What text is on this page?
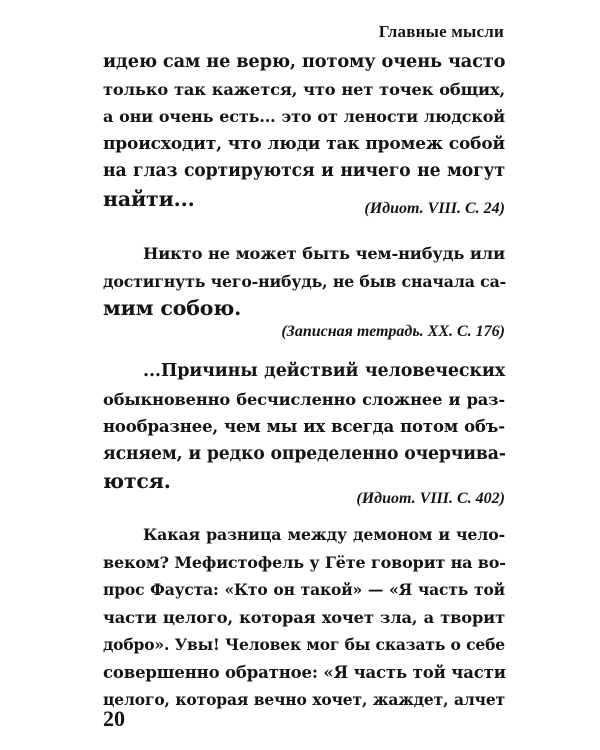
Главные мысли
идею сам не верю, потому очень часто
только так кажется, что нет точек общих,
а они очень есть... это от лености людской
происходит, что люди так промеж собой
на глаз сортируются и ничего не могут
найти...	(Идиот. VIII. С. 24)
Никто не может быть чем-нибудь или
достигнуть чего-нибудь, не быв сначала са-
мим собою.
(Записная тетрадь. XX. С. 176)
...Причины действий человеческих
обыкновенно бесчисленно сложнее и раз-
нообразнее, чем мы их всегда потом объ-
ясняем, и редко определенно очерчива-
ются.
(Идиот. VIII. С. 402)
Какая разница между демоном и чело-
веком? Мефистофель у Гёте говорит на во-
прос Фауста: «Кто он такой» — «Я часть той
части целого, которая хочет зла, а творит
добро». Увы! Человек мог бы сказать о себе
совершенно обратное: «Я часть той части
целого, которая вечно хочет, жаждет, алчет
20
